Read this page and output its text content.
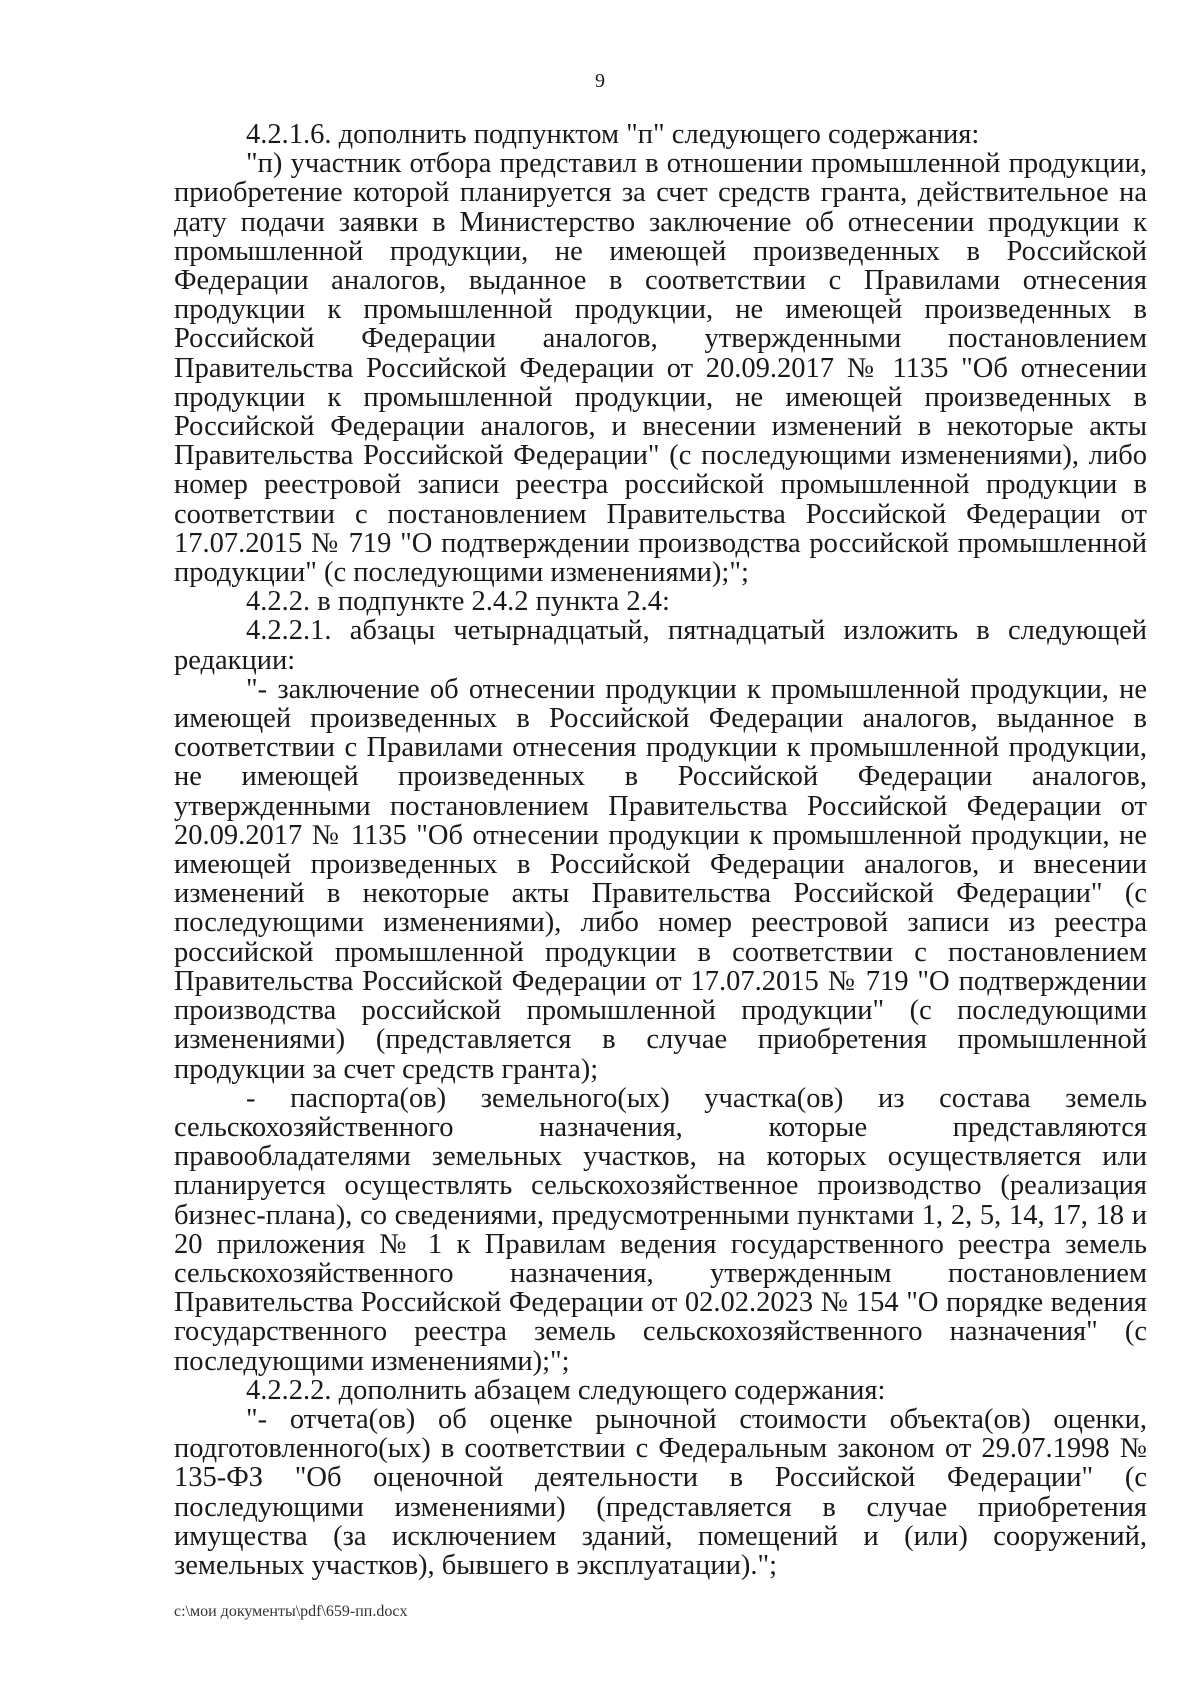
9

4.2.1.6. дополнить подпунктом "п" следующего содержания:

"п) участник отбора представил в отношении промышленной продукции, приобретение которой планируется за счет средств гранта, действительное на дату подачи заявки в Министерство заключение об отнесении продукции к промышленной продукции, не имеющей произведенных в Российской Федерации аналогов, выданное в соответствии с Правилами отнесения продукции к промышленной продукции, не имеющей произведенных в Российской Федерации аналогов, утвержденными постановлением Правительства Российской Федерации от 20.09.2017 № 1135 "Об отнесении продукции к промышленной продукции, не имеющей произведенных в Российской Федерации аналогов, и внесении изменений в некоторые акты Правительства Российской Федерации" (с последующими изменениями), либо номер реестровой записи реестра российской промышленной продукции в соответствии с постановлением Правительства Российской Федерации от 17.07.2015 № 719 "О подтверждении производства российской промышленной продукции" (с последующими изменениями);";

4.2.2. в подпункте 2.4.2 пункта 2.4:

4.2.2.1. абзацы четырнадцатый, пятнадцатый изложить в следующей редакции:

"- заключение об отнесении продукции к промышленной продукции, не имеющей произведенных в Российской Федерации аналогов, выданное в соответствии с Правилами отнесения продукции к промышленной продукции, не имеющей произведенных в Российской Федерации аналогов, утвержденными постановлением Правительства Российской Федерации от 20.09.2017 № 1135 "Об отнесении продукции к промышленной продукции, не имеющей произведенных в Российской Федерации аналогов, и внесении изменений в некоторые акты Правительства Российской Федерации" (с последующими изменениями), либо номер реестровой записи из реестра российской промышленной продукции в соответствии с постановлением Правительства Российской Федерации от 17.07.2015 № 719 "О подтверждении производства российской промышленной продукции" (с последующими изменениями) (представляется в случае приобретения промышленной продукции за счет средств гранта);

- паспорта(ов) земельного(ых) участка(ов) из состава земель сельскохозяйственного назначения, которые представляются правообладателями земельных участков, на которых осуществляется или планируется осуществлять сельскохозяйственное производство (реализация бизнес-плана), со сведениями, предусмотренными пунктами 1, 2, 5, 14, 17, 18 и 20 приложения № 1 к Правилам ведения государственного реестра земель сельскохозяйственного назначения, утвержденным постановлением Правительства Российской Федерации от 02.02.2023 № 154 "О порядке ведения государственного реестра земель сельскохозяйственного назначения" (с последующими изменениями);";

4.2.2.2. дополнить абзацем следующего содержания:

"- отчета(ов) об оценке рыночной стоимости объекта(ов) оценки, подготовленного(ых) в соответствии с Федеральным законом от 29.07.1998 № 135-ФЗ "Об оценочной деятельности в Российской Федерации" (с последующими изменениями) (представляется в случае приобретения имущества (за исключением зданий, помещений и (или) сооружений, земельных участков), бывшего в эксплуатации).";

c:\мои документы\pdf\659-пп.docx
